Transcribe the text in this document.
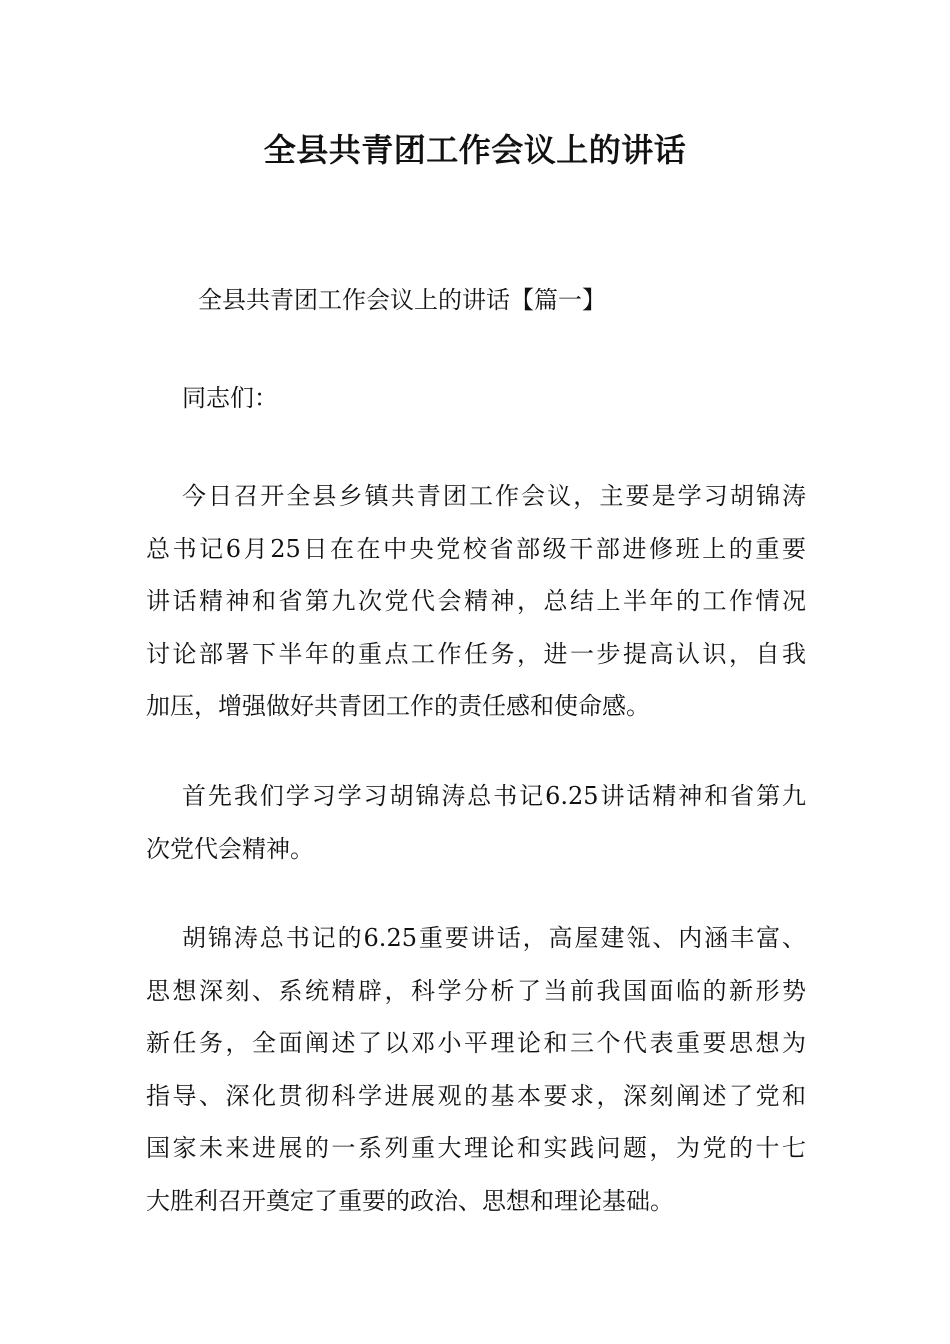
全县共青团工作会议上的讲话

全县共青团工作会议上的讲话【篇一】

同志们：

今日召开全县乡镇共青团工作会议，主要是学习胡锦涛
总书记6月25日在在中央党校省部级干部进修班上的重要
讲话精神和省第九次党代会精神，总结上半年的工作情况
讨论部署下半年的重点工作任务，进一步提高认识，自我
加压，增强做好共青团工作的责任感和使命感。
首先我们学习学习胡锦涛总书记6.25讲话精神和省第九
次党代会精神。
胡锦涛总书记的6.25重要讲话，高屋建瓴、内涵丰富、
思想深刻、系统精辟，科学分析了当前我国面临的新形势
新任务，全面阐述了以邓小平理论和三个代表重要思想为
指导、深化贯彻科学进展观的基本要求，深刻阐述了党和
国家未来进展的一系列重大理论和实践问题，为党的十七
大胜利召开奠定了重要的政治、思想和理论基础。
